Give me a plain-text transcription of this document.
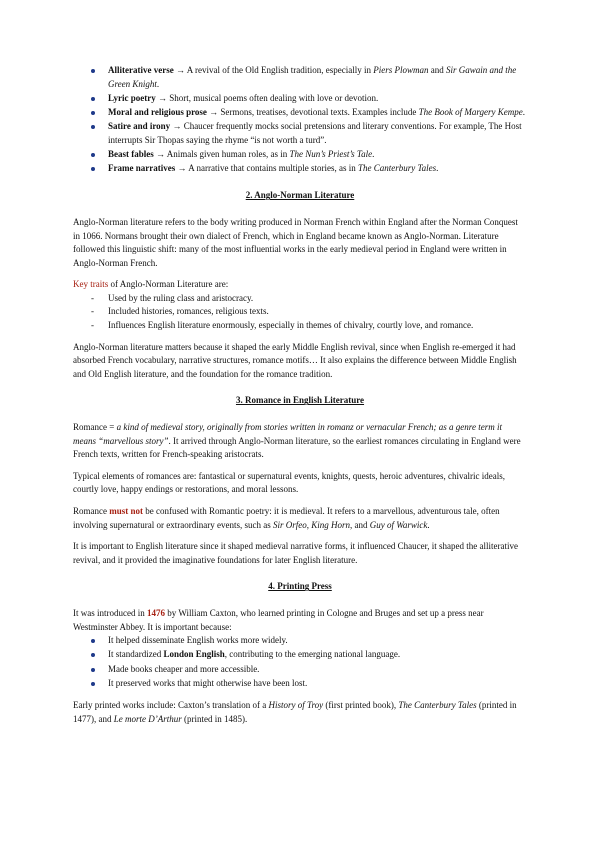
Alliterative verse → A revival of the Old English tradition, especially in Piers Plowman and Sir Gawain and the Green Knight.
Lyric poetry → Short, musical poems often dealing with love or devotion.
Moral and religious prose → Sermons, treatises, devotional texts. Examples include The Book of Margery Kempe.
Satire and irony → Chaucer frequently mocks social pretensions and literary conventions. For example, The Host interrupts Sir Thopas saying the rhyme “is not worth a turd”.
Beast fables → Animals given human roles, as in The Nun’s Priest’s Tale.
Frame narratives → A narrative that contains multiple stories, as in The Canterbury Tales.

2. Anglo-Norman Literature

Anglo-Norman literature refers to the body writing produced in Norman French within England after the Norman Conquest in 1066. Normans brought their own dialect of French, which in England became known as Anglo-Norman. Literature followed this linguistic shift: many of the most influential works in the early medieval period in England were written in Anglo-Norman French.

Key traits of Anglo-Norman Literature are:

- Used by the ruling class and aristocracy.
- Included histories, romances, religious texts.
- Influences English literature enormously, especially in themes of chivalry, courtly love, and romance.

Anglo-Norman literature matters because it shaped the early Middle English revival, since when English re-emerged it had absorbed French vocabulary, narrative structures, romance motifs… It also explains the difference between Middle English and Old English literature, and the foundation for the romance tradition.

3. Romance in English Literature

Romance = a kind of medieval story, originally from stories written in romanz or vernacular French; as a genre term it means “marvellous story”. It arrived through Anglo-Norman literature, so the earliest romances circulating in England were French texts, written for French-speaking aristocrats.

Typical elements of romances are: fantastical or supernatural events, knights, quests, heroic adventures, chivalric ideals, courtly love, happy endings or restorations, and moral lessons.

Romance must not be confused with Romantic poetry: it is medieval. It refers to a marvellous, adventurous tale, often involving supernatural or extraordinary events, such as Sir Orfeo, King Horn, and Guy of Warwick.

It is important to English literature since it shaped medieval narrative forms, it influenced Chaucer, it shaped the alliterative revival, and it provided the imaginative foundations for later English literature.

4. Printing Press

It was introduced in 1476 by William Caxton, who learned printing in Cologne and Bruges and set up a press near Westminster Abbey. It is important because:

It helped disseminate English works more widely.
It standardized London English, contributing to the emerging national language.
Made books cheaper and more accessible.
It preserved works that might otherwise have been lost.

Early printed works include: Caxton’s translation of a History of Troy (first printed book), The Canterbury Tales (printed in 1477), and Le morte D’Arthur (printed in 1485).
